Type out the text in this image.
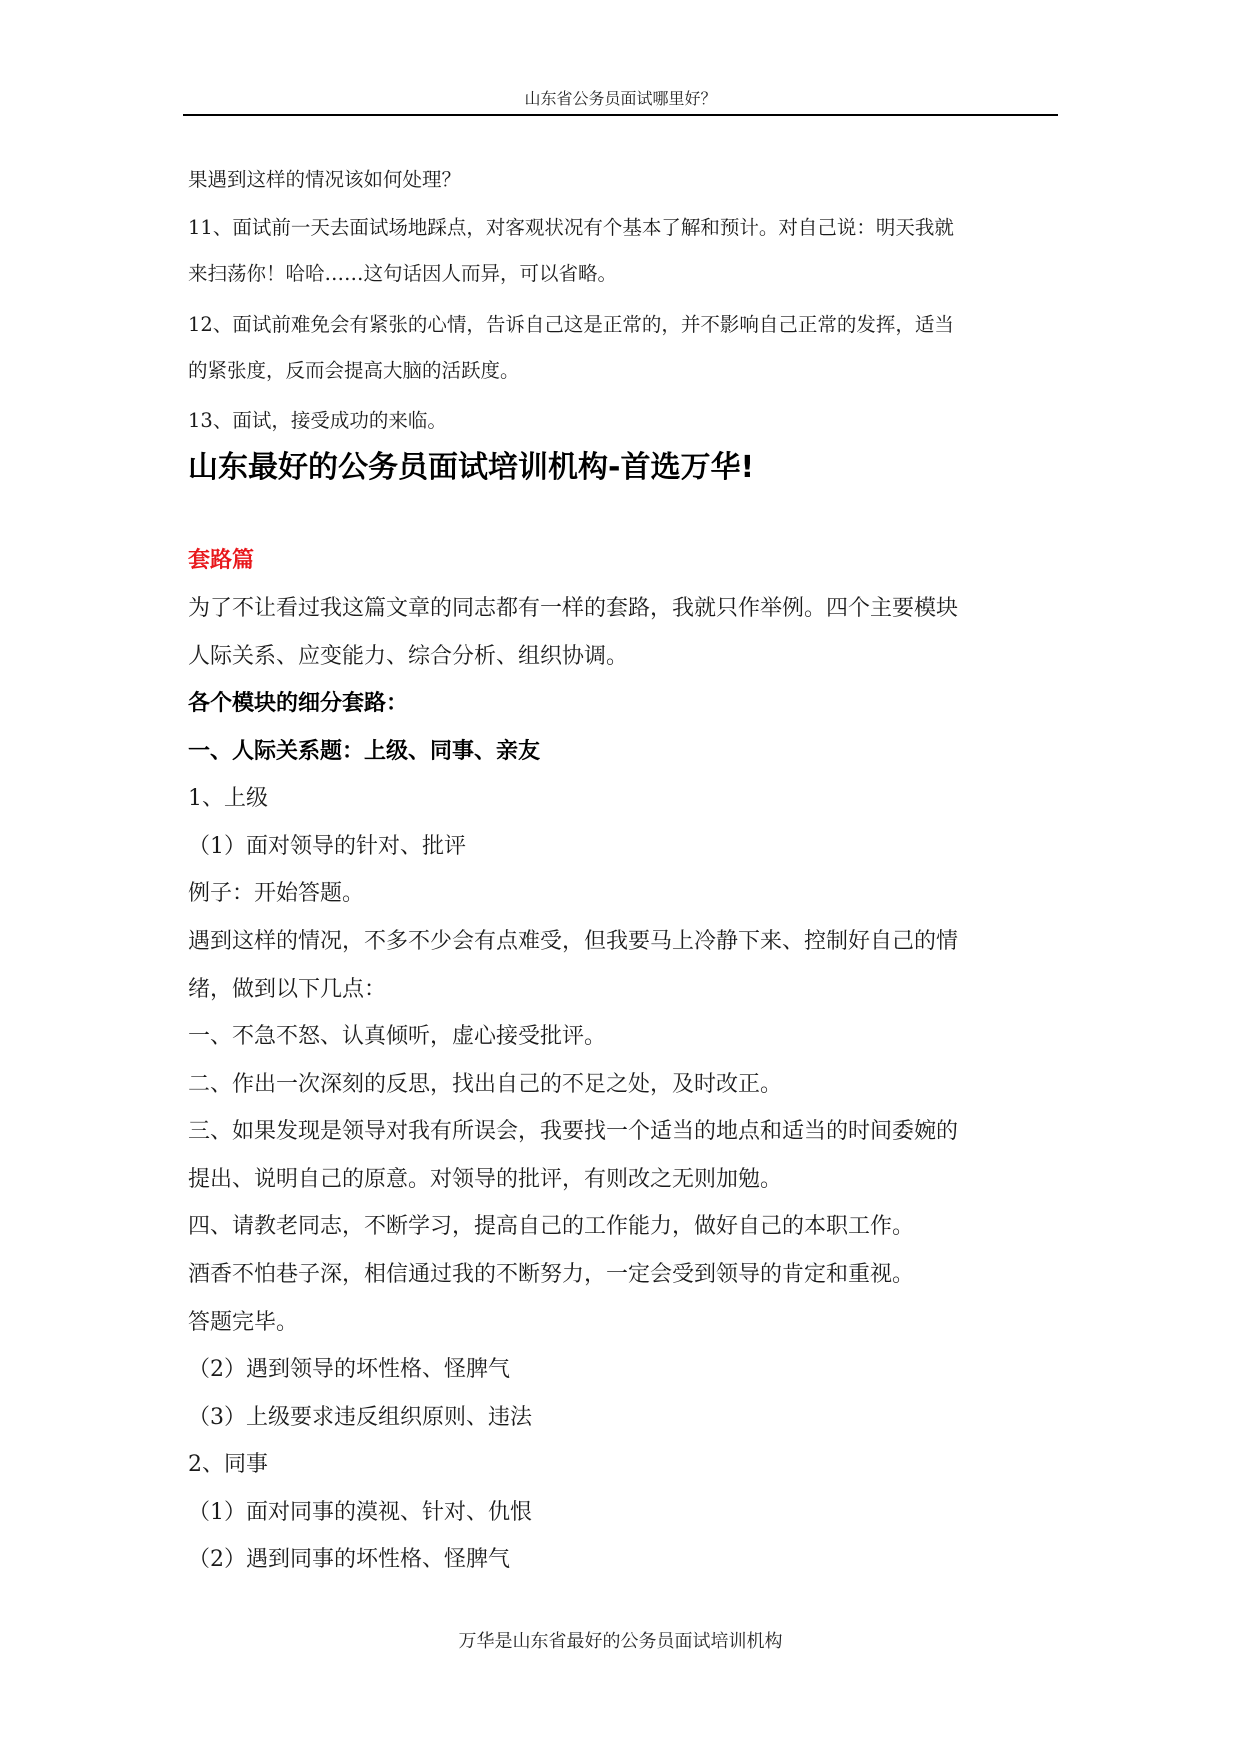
山东省公务员面试哪里好？
果遇到这样的情况该如何处理？
11、面试前一天去面试场地踩点，对客观状况有个基本了解和预计。对自己说：明天我就
来扫荡你！哈哈……这句话因人而异，可以省略。
12、面试前难免会有紧张的心情，告诉自己这是正常的，并不影响自己正常的发挥，适当
的紧张度，反而会提高大脑的活跃度。
13、面试，接受成功的来临。
山东最好的公务员面试培训机构-首选万华!
套路篇
为了不让看过我这篇文章的同志都有一样的套路，我就只作举例。四个主要模块
人际关系、应变能力、综合分析、组织协调。
各个模块的细分套路：
一、人际关系题：上级、同事、亲友
1、上级
（1）面对领导的针对、批评
例子：开始答题。
遇到这样的情况，不多不少会有点难受，但我要马上冷静下来、控制好自己的情
绪，做到以下几点：
一、不急不怒、认真倾听，虚心接受批评。
二、作出一次深刻的反思，找出自己的不足之处，及时改正。
三、如果发现是领导对我有所误会，我要找一个适当的地点和适当的时间委婉的
提出、说明自己的原意。对领导的批评，有则改之无则加勉。
四、请教老同志，不断学习，提高自己的工作能力，做好自己的本职工作。
酒香不怕巷子深，相信通过我的不断努力，一定会受到领导的肯定和重视。
答题完毕。
（2）遇到领导的坏性格、怪脾气
（3）上级要求违反组织原则、违法
2、同事
（1）面对同事的漠视、针对、仇恨
（2）遇到同事的坏性格、怪脾气
万华是山东省最好的公务员面试培训机构
